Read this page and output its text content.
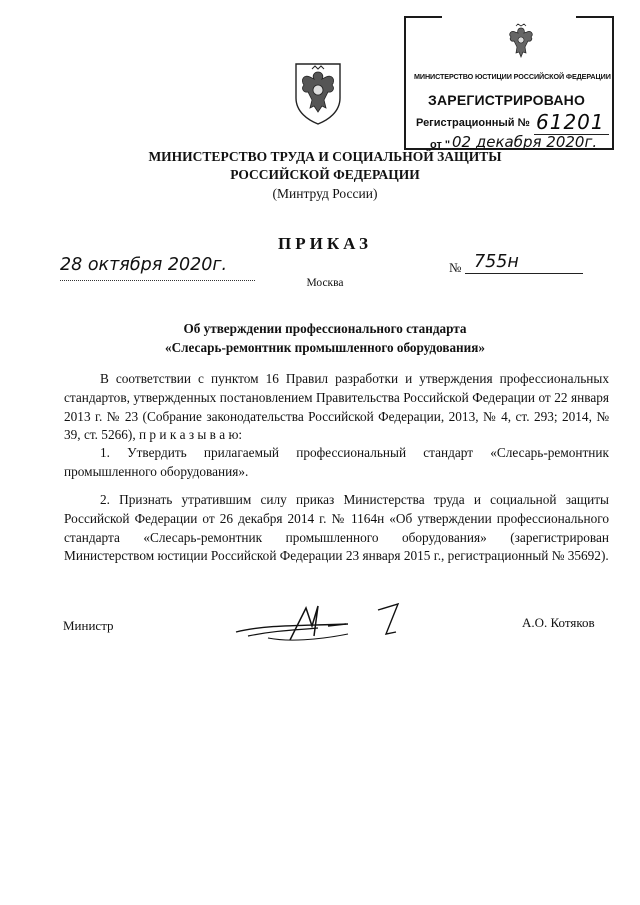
МИНИСТЕРСТВО ЮСТИЦИИ РОССИЙСКОЙ ФЕДЕРАЦИИ
ЗАРЕГИСТРИРОВАНО
Регистрационный № 61201
от " 02 декабря 2020г.
МИНИСТЕРСТВО ТРУДА И СОЦИАЛЬНОЙ ЗАЩИТЫ
РОССИЙСКОЙ ФЕДЕРАЦИИ
(Минтруд России)
ПРИКАЗ
28 октября 2020г.	№ 755н
Москва
Об утверждении профессионального стандарта
«Слесарь-ремонтник промышленного оборудования»
В соответствии с пунктом 16 Правил разработки и утверждения профессиональных стандартов, утвержденных постановлением Правительства Российской Федерации от 22 января 2013 г. № 23 (Собрание законодательства Российской Федерации, 2013, № 4, ст. 293; 2014, № 39, ст. 5266), п р и к а з ы в а ю:
1. Утвердить прилагаемый профессиональный стандарт «Слесарь-ремонтник промышленного оборудования».
2. Признать утратившим силу приказ Министерства труда и социальной защиты Российской Федерации от 26 декабря 2014 г. № 1164н «Об утверждении профессионального стандарта «Слесарь-ремонтник промышленного оборудования» (зарегистрирован Министерством юстиции Российской Федерации 23 января 2015 г., регистрационный № 35692).
Министр	А.О. Котяков
